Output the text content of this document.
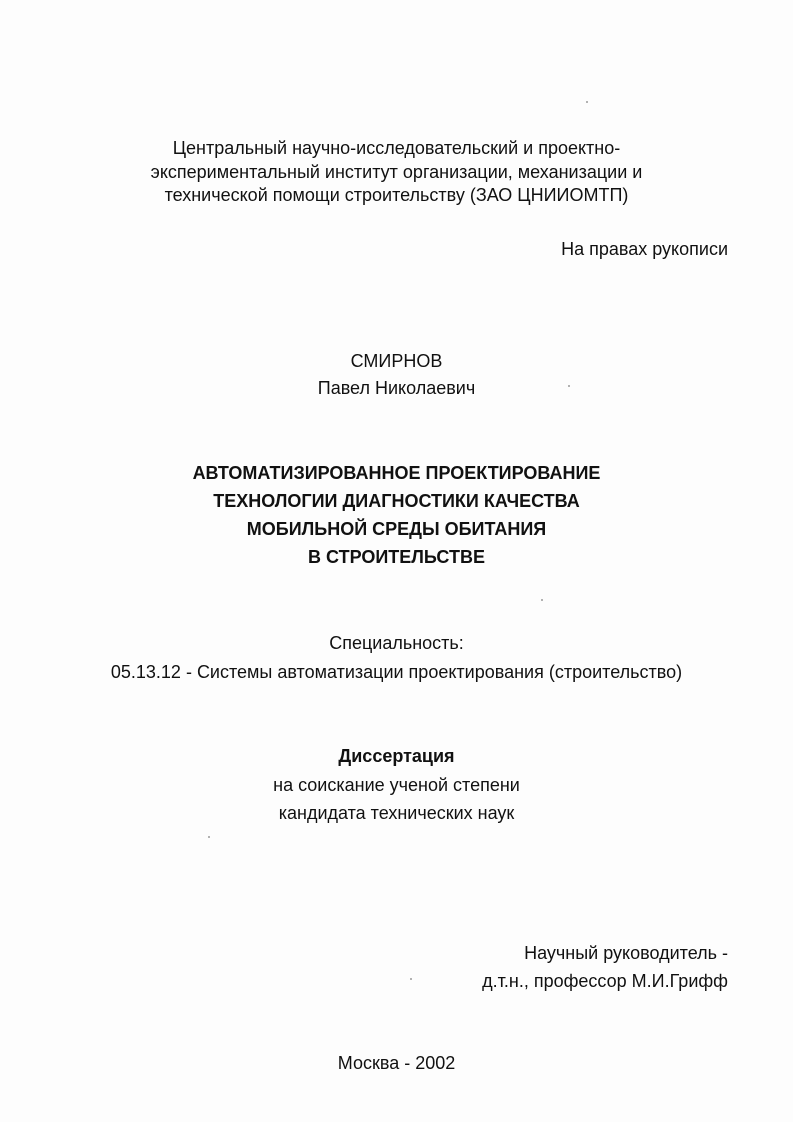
Центральный научно-исследовательский и проектно-
экспериментальный институт организации, механизации и
технической помощи строительству (ЗАО ЦНИИОМТП)
На правах рукописи
СМИРНОВ
Павел Николаевич
АВТОМАТИЗИРОВАННОЕ ПРОЕКТИРОВАНИЕ
ТЕХНОЛОГИИ ДИАГНОСТИКИ КАЧЕСТВА
МОБИЛЬНОЙ СРЕДЫ ОБИТАНИЯ
В СТРОИТЕЛЬСТВЕ
Специальность:
05.13.12 - Системы автоматизации проектирования (строительство)
Диссертация
на соискание ученой степени
кандидата технических наук
Научный руководитель -
д.т.н., профессор М.И.Грифф
Москва - 2002
